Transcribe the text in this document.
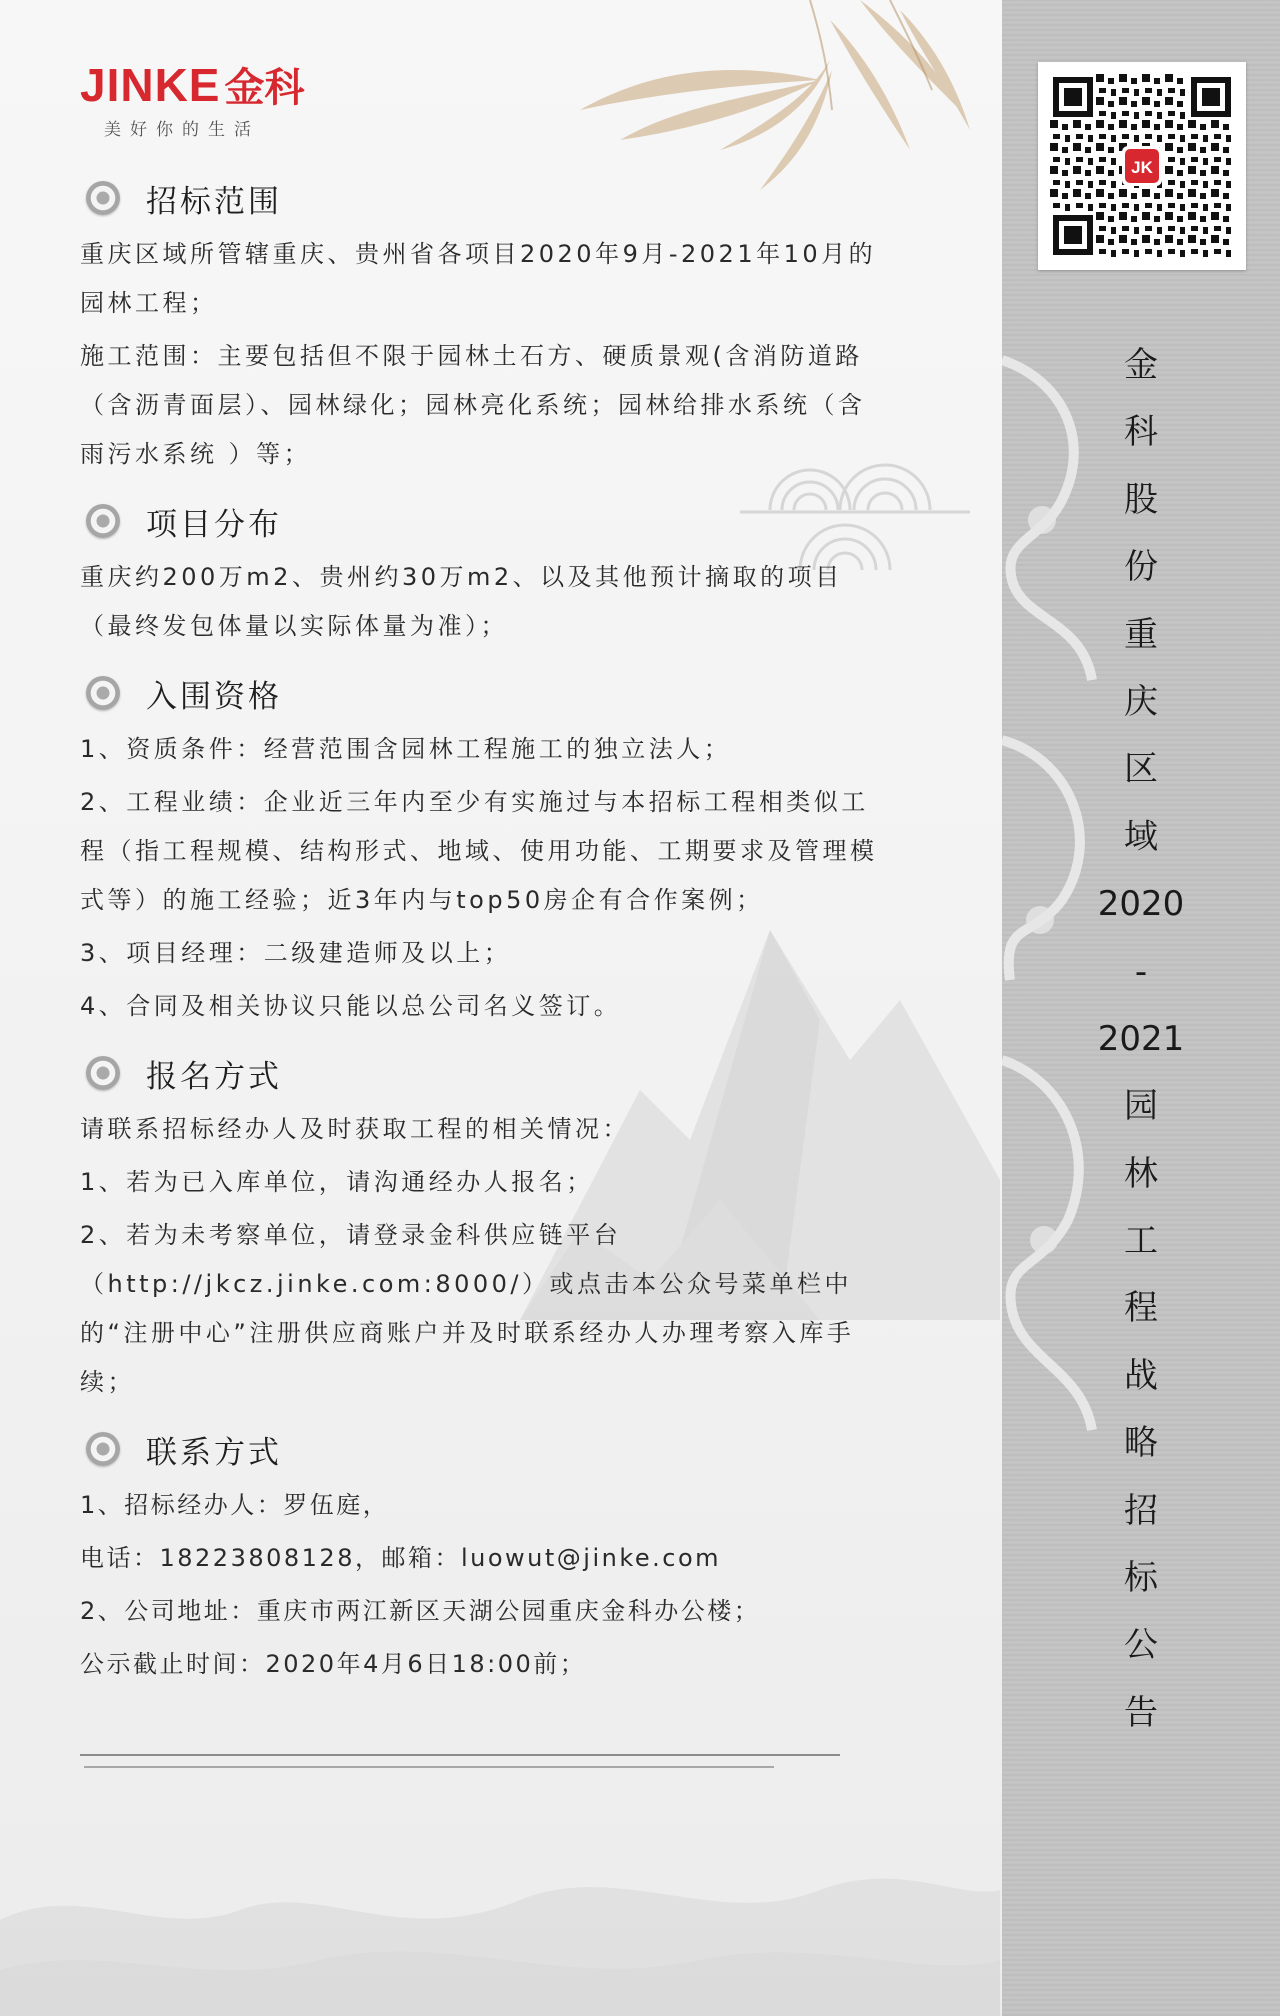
JINKE 金科
美好你的生活
招标范围

重庆区域所管辖重庆、贵州省各项目2020年9月-2021年10月的园林工程；

施工范围：主要包括但不限于园林土石方、硬质景观(含消防道路（含沥青面层）、园林绿化；园林亮化系统；园林给排水系统（含雨污水系统 ）等；

项目分布

重庆约200万m2、贵州约30万m2、以及其他预计摘取的项目（最终发包体量以实际体量为准）；

入围资格

1、资质条件：经营范围含园林工程施工的独立法人；

2、工程业绩：企业近三年内至少有实施过与本招标工程相类似工程（指工程规模、结构形式、地域、使用功能、工期要求及管理模式等）的施工经验；近3年内与top50房企有合作案例；

3、项目经理：二级建造师及以上；

4、合同及相关协议只能以总公司名义签订。

报名方式

请联系招标经办人及时获取工程的相关情况：

1、若为已入库单位，请沟通经办人报名；

2、若为未考察单位，请登录金科供应链平台（http://jkcz.jinke.com:8000/）或点击本公众号菜单栏中的“注册中心”注册供应商账户并及时联系经办人办理考察入库手续；

联系方式

1、招标经办人：罗伍庭，

电话：18223808128，邮箱：luowut@jinke.com

2、公司地址：重庆市两江新区天湖公园重庆金科办公楼；

公示截止时间：2020年4月6日18:00前；

JK
金
科
股
份
重
庆
区
域
2020
-
2021
园
林
工
程
战
略
招
标
公
告
